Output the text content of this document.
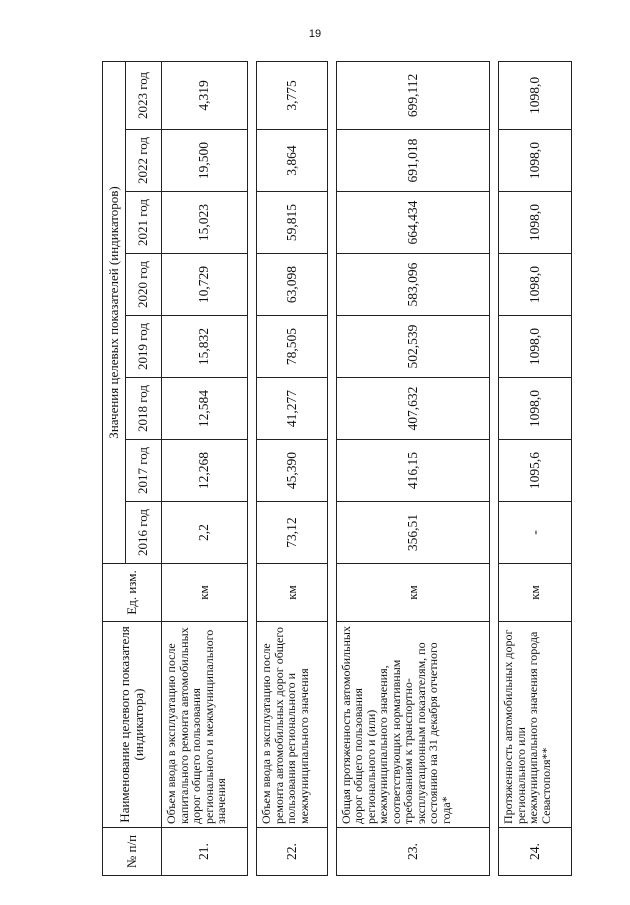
19
№ п/п	Наименование целевого показателя (индикатора)	Ед. изм.	Значения целевых показателей (индикаторов)							
			2016 год	2017 год	2018 год	2019 год	2020 год	2021 год	2022 год	2023 год
21.	Объем ввода в эксплуатацию после капитального ремонта автомобильных дорог общего пользования регионального и межмуниципального значения	км	2,2	12,268	12,584	15,832	10,729	15,023	19,500	4,319

22.	Объем ввода в эксплуатацию после ремонта автомобильных дорог общего пользования регионального и межмуниципального значения	км	73,12	45,390	41,277	78,505	63,098	59,815	3,864	3,775

23.	Общая протяженность автомобильных дорог общего пользования регионального и (или) межмуниципального значения, соответствующих нормативным требованиям к транспортно-эксплуатационным показателям, по состоянию на 31 декабря отчетного года*	км	356,51	416,15	407,632	502,539	583,096	664,434	691,018	699,112

24.	Протяженность автомобильных дорог регионального или межмуниципального значения города Севастополя**	км	-	1095,6	1098,0	1098,0	1098,0	1098,0	1098,0	1098,0
